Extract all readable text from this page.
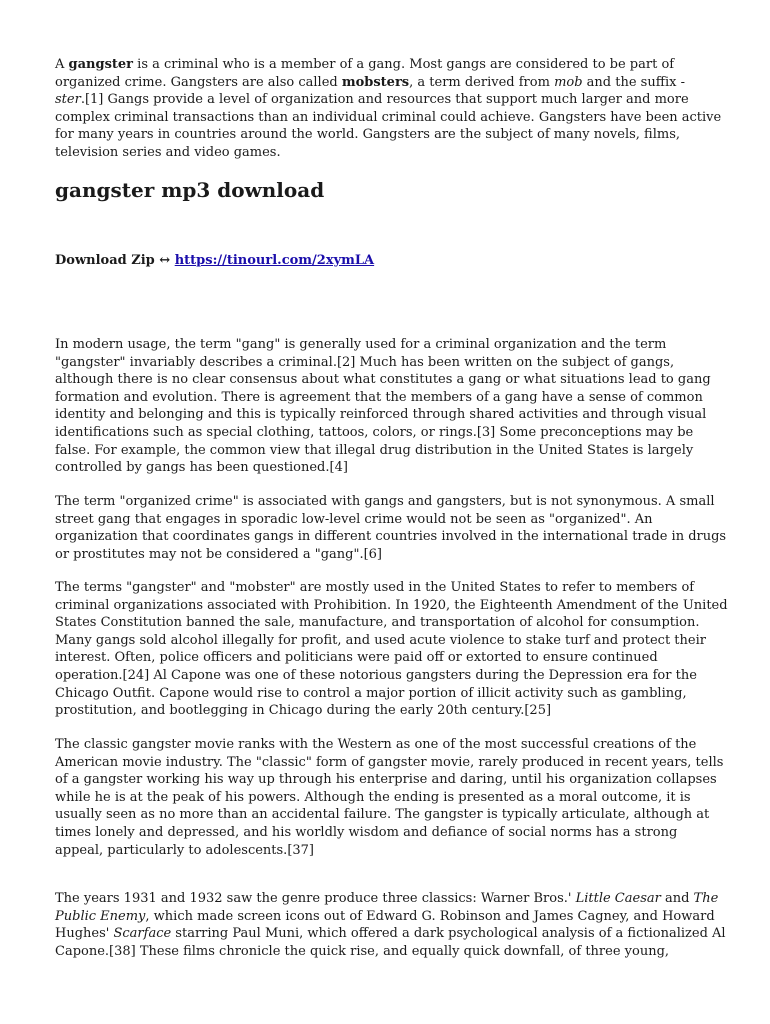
A gangster is a criminal who is a member of a gang. Most gangs are considered to be part of organized crime. Gangsters are also called mobsters, a term derived from mob and the suffix -
ster.[1] Gangs provide a level of organization and resources that support much larger and more complex criminal transactions than an individual criminal could achieve. Gangsters have been active for many years in countries around the world. Gangsters are the subject of many novels, films, television series and video games.

gangster mp3 download
Download Zip ↔ https://tinourl.com/2xymLA

In modern usage, the term "gang" is generally used for a criminal organization and the term "gangster" invariably describes a criminal.[2] Much has been written on the subject of gangs, although there is no clear consensus about what constitutes a gang or what situations lead to gang formation and evolution. There is agreement that the members of a gang have a sense of common identity and belonging and this is typically reinforced through shared activities and through visual identifications such as special clothing, tattoos, colors, or rings.[3] Some preconceptions may be false. For example, the common view that illegal drug distribution in the United States is largely controlled by gangs has been questioned.[4]

The term "organized crime" is associated with gangs and gangsters, but is not synonymous. A small street gang that engages in sporadic low-level crime would not be seen as "organized". An organization that coordinates gangs in different countries involved in the international trade in drugs or prostitutes may not be considered a "gang".[6]

The terms "gangster" and "mobster" are mostly used in the United States to refer to members of criminal organizations associated with Prohibition. In 1920, the Eighteenth Amendment of the United States Constitution banned the sale, manufacture, and transportation of alcohol for consumption. Many gangs sold alcohol illegally for profit, and used acute violence to stake turf and protect their interest. Often, police officers and politicians were paid off or extorted to ensure continued operation.[24] Al Capone was one of these notorious gangsters during the Depression era for the Chicago Outfit. Capone would rise to control a major portion of illicit activity such as gambling, prostitution, and bootlegging in Chicago during the early 20th century.[25]

The classic gangster movie ranks with the Western as one of the most successful creations of the American movie industry. The "classic" form of gangster movie, rarely produced in recent years, tells of a gangster working his way up through his enterprise and daring, until his organization collapses while he is at the peak of his powers. Although the ending is presented as a moral outcome, it is usually seen as no more than an accidental failure. The gangster is typically articulate, although at times lonely and depressed, and his worldly wisdom and defiance of social norms has a strong appeal, particularly to adolescents.[37]

The years 1931 and 1932 saw the genre produce three classics: Warner Bros.' Little Caesar and The Public Enemy, which made screen icons out of Edward G. Robinson and James Cagney, and Howard Hughes' Scarface starring Paul Muni, which offered a dark psychological analysis of a fictionalized Al Capone.[38] These films chronicle the quick rise, and equally quick downfall, of three young,
